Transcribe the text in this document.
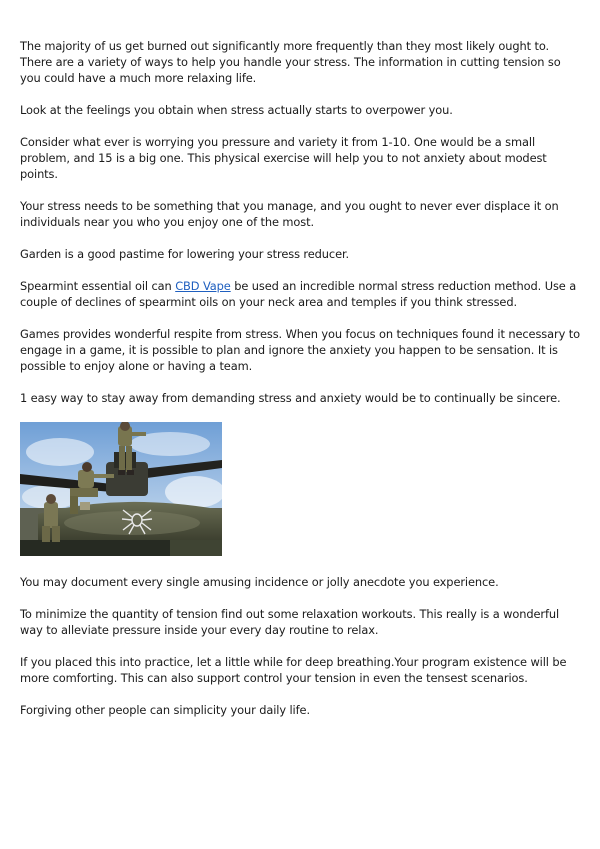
The majority of us get burned out significantly more frequently than they most likely ought to. There are a variety of ways to help you handle your stress. The information in cutting tension so you could have a much more relaxing life.

Look at the feelings you obtain when stress actually starts to overpower you.

Consider what ever is worrying you pressure and variety it from 1-10. One would be a small problem, and 15 is a big one. This physical exercise will help you to not anxiety about modest points.

Your stress needs to be something that you manage, and you ought to never ever displace it on individuals near you who you enjoy one of the most.

Garden is a good pastime for lowering your stress reducer.

Spearmint essential oil can CBD Vape be used an incredible normal stress reduction method. Use a couple of declines of spearmint oils on your neck area and temples if you think stressed.

Games provides wonderful respite from stress. When you focus on techniques found it necessary to engage in a game, it is possible to plan and ignore the anxiety you happen to be sensation. It is possible to enjoy alone or having a team.

1 easy way to stay away from demanding stress and anxiety would be to continually be sincere.

You may document every single amusing incidence or jolly anecdote you experience.

To minimize the quantity of tension find out some relaxation workouts. This really is a wonderful way to alleviate pressure inside your every day routine to relax.

If you placed this into practice, let a little while for deep breathing.Your program existence will be more comforting. This can also support control your tension in even the tensest scenarios.

Forgiving other people can simplicity your daily life.
